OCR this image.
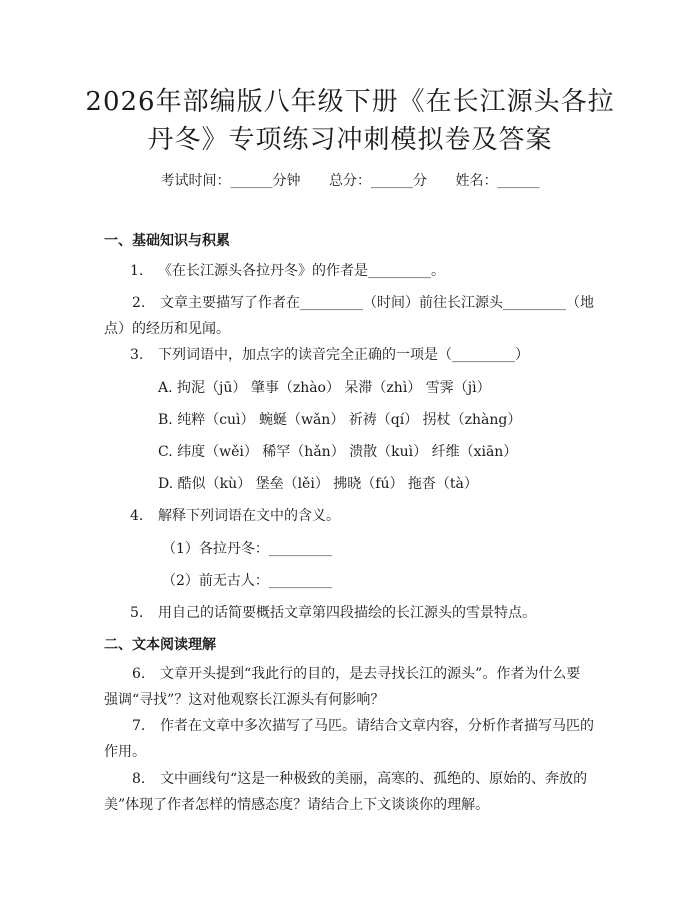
2026年部编版八年级下册《在长江源头各拉
丹冬》专项练习冲刺模拟卷及答案
考试时间：______分钟 总分：______分 姓名：______
一、基础知识与积累
1. 《在长江源头各拉丹冬》的作者是_________。
2. 文章主要描写了作者在_________（时间）前往长江源头_________（地点）的经历和见闻。
3. 下列词语中，加点字的读音完全正确的一项是（_________）
A. 拘泥（jū） 肇事（zhào） 呆滞（zhì） 雪霁（jì）
B. 纯粹（cuì） 蜿蜒（wǎn） 祈祷（qí） 拐杖（zhàng）
C. 纬度（wěi） 稀罕（hǎn） 溃散（kuì） 纤维（xiān）
D. 酷似（kù） 堡垒（lěi） 拂晓（fú） 拖沓（tà）
4. 解释下列词语在文中的含义。
（1）各拉丹冬：_________
（2）前无古人：_________
5. 用自己的话简要概括文章第四段描绘的长江源头的雪景特点。
二、文本阅读理解
6. 文章开头提到“我此行的目的，是去寻找长江的源头”。作者为什么要强调“寻找”？这对他观察长江源头有何影响？
7. 作者在文章中多次描写了马匹。请结合文章内容，分析作者描写马匹的作用。
8. 文中画线句“这是一种极致的美丽，高寒的、孤绝的、原始的、奔放的美”体现了作者怎样的情感态度？请结合上下文谈谈你的理解。
